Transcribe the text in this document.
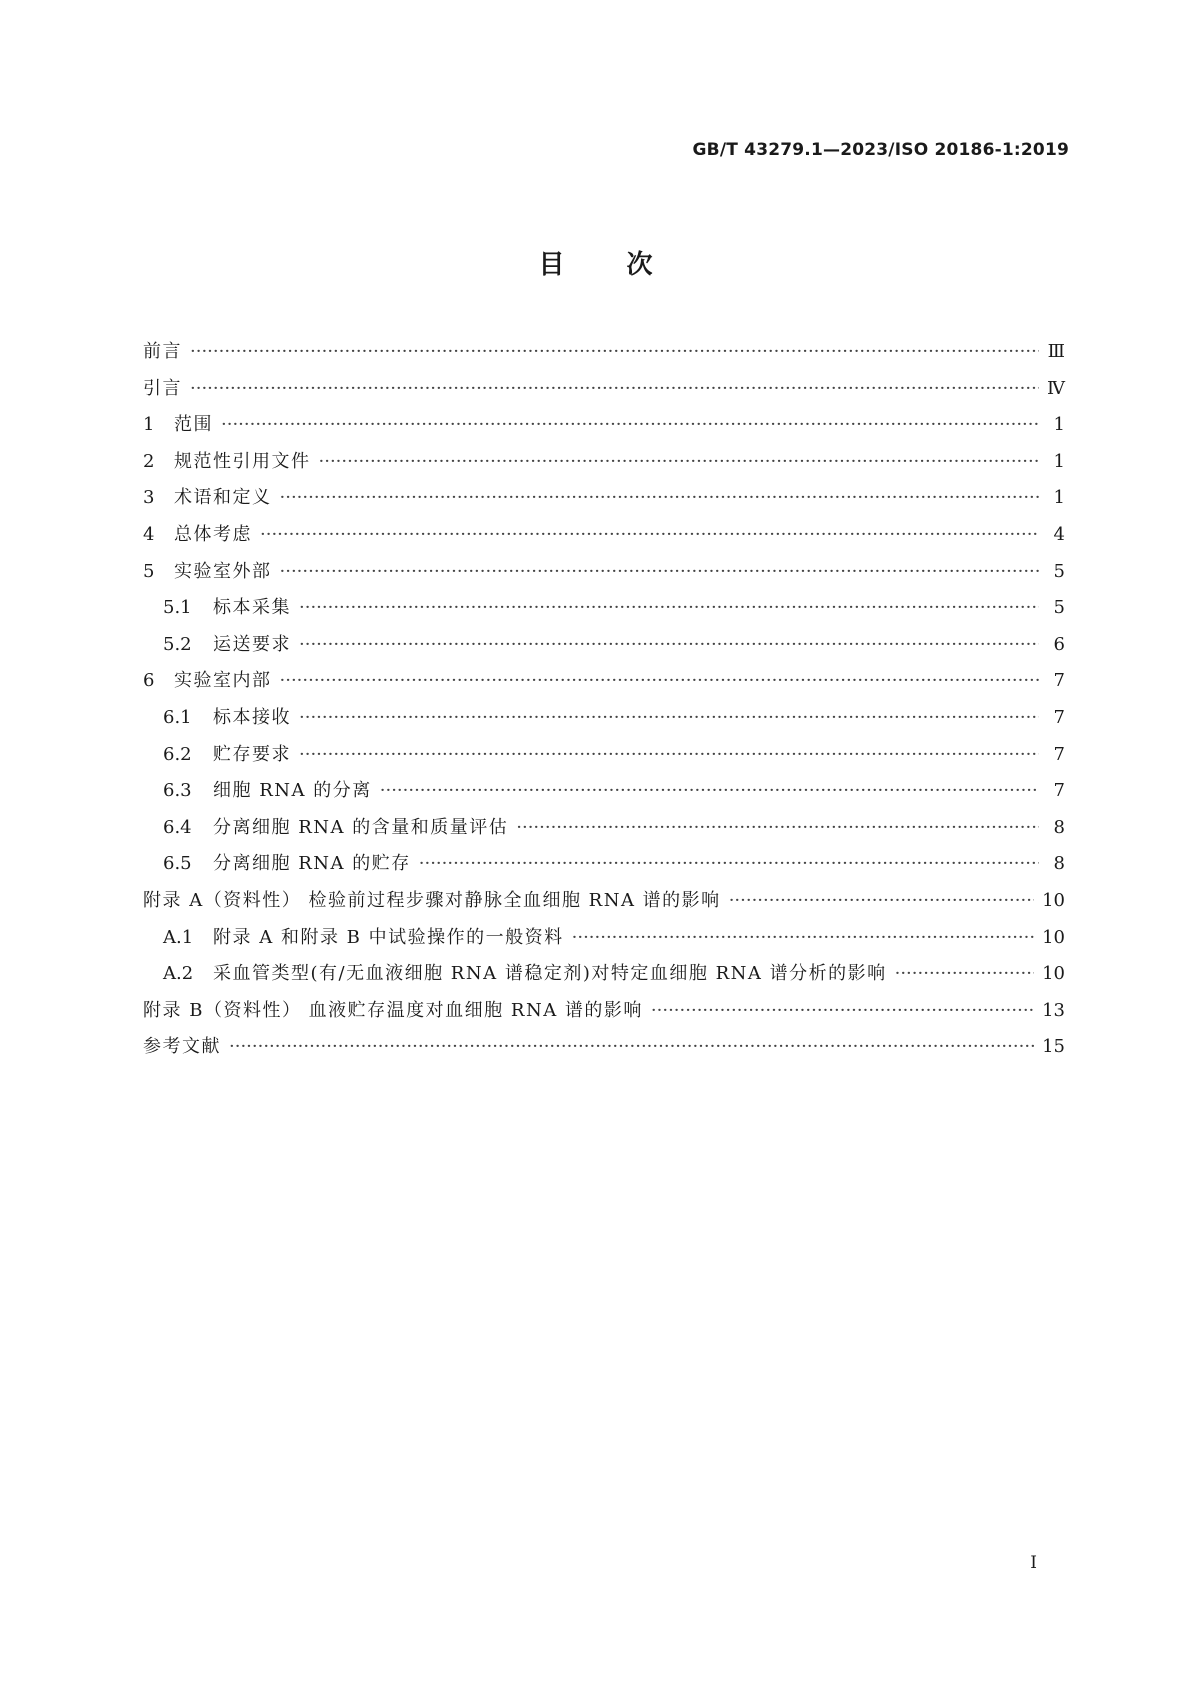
GB/T 43279.1—2023/ISO 20186-1:2019
目 次
前言 ·····	Ⅲ
引言 ·····	Ⅳ
1	范围 ·····	1
2	规范性引用文件 ·····	1
3	术语和定义 ·····	1
4	总体考虑 ·····	4
5	实验室外部 ·····	5
5.1	标本采集 ·····	5
5.2	运送要求 ·····	6
6	实验室内部 ·····	7
6.1	标本接收 ·····	7
6.2	贮存要求 ·····	7
6.3	细胞 RNA 的分离 ·····	7
6.4	分离细胞 RNA 的含量和质量评估 ·····	8
6.5	分离细胞 RNA 的贮存 ·····	8
附录 A（资料性） 检验前过程步骤对静脉全血细胞 RNA 谱的影响 ·····	10
A.1	附录 A 和附录 B 中试验操作的一般资料 ·····	10
A.2	采血管类型(有/无血液细胞 RNA 谱稳定剂)对特定血细胞 RNA 谱分析的影响 ·····	10
附录 B（资料性） 血液贮存温度对血细胞 RNA 谱的影响 ·····	13
参考文献 ·····	15
I
